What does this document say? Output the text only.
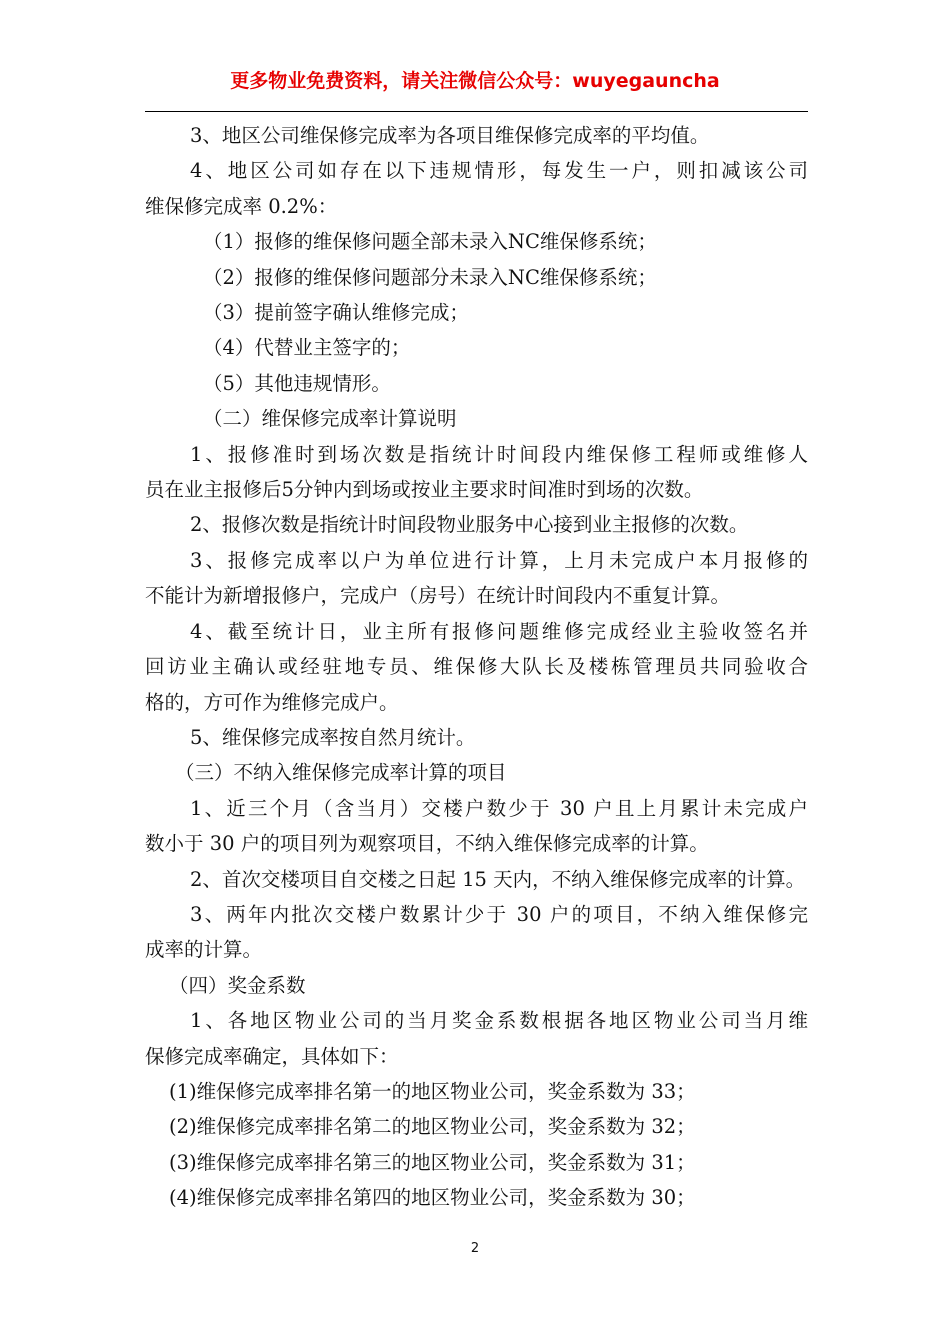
更多物业免费资料，请关注微信公众号：wuyegauncha

3、地区公司维保修完成率为各项目维保修完成率的平均值。

4、地区公司如存在以下违规情形，每发生一户，则扣减该公司

维保修完成率 0.2%：

（1）报修的维保修问题全部未录入NC维保修系统；

（2）报修的维保修问题部分未录入NC维保修系统；

（3）提前签字确认维修完成；

（4）代替业主签字的；

（5）其他违规情形。

（二）维保修完成率计算说明

1、报修准时到场次数是指统计时间段内维保修工程师或维修人

员在业主报修后5分钟内到场或按业主要求时间准时到场的次数。

2、报修次数是指统计时间段物业服务中心接到业主报修的次数。

3、报修完成率以户为单位进行计算，上月未完成户本月报修的

不能计为新增报修户，完成户（房号）在统计时间段内不重复计算。

4、截至统计日，业主所有报修问题维修完成经业主验收签名并

回访业主确认或经驻地专员、维保修大队长及楼栋管理员共同验收合

格的，方可作为维修完成户。

5、维保修完成率按自然月统计。

（三）不纳入维保修完成率计算的项目

1、近三个月（含当月）交楼户数少于 30 户且上月累计未完成户

数小于 30 户的项目列为观察项目，不纳入维保修完成率的计算。

2、首次交楼项目自交楼之日起 15 天内，不纳入维保修完成率的计算。

3、两年内批次交楼户数累计少于 30 户的项目，不纳入维保修完

成率的计算。

（四）奖金系数

1、各地区物业公司的当月奖金系数根据各地区物业公司当月维

保修完成率确定，具体如下：

(1)维保修完成率排名第一的地区物业公司，奖金系数为 33；

(2)维保修完成率排名第二的地区物业公司，奖金系数为 32；

(3)维保修完成率排名第三的地区物业公司，奖金系数为 31；

(4)维保修完成率排名第四的地区物业公司，奖金系数为 30；

2
